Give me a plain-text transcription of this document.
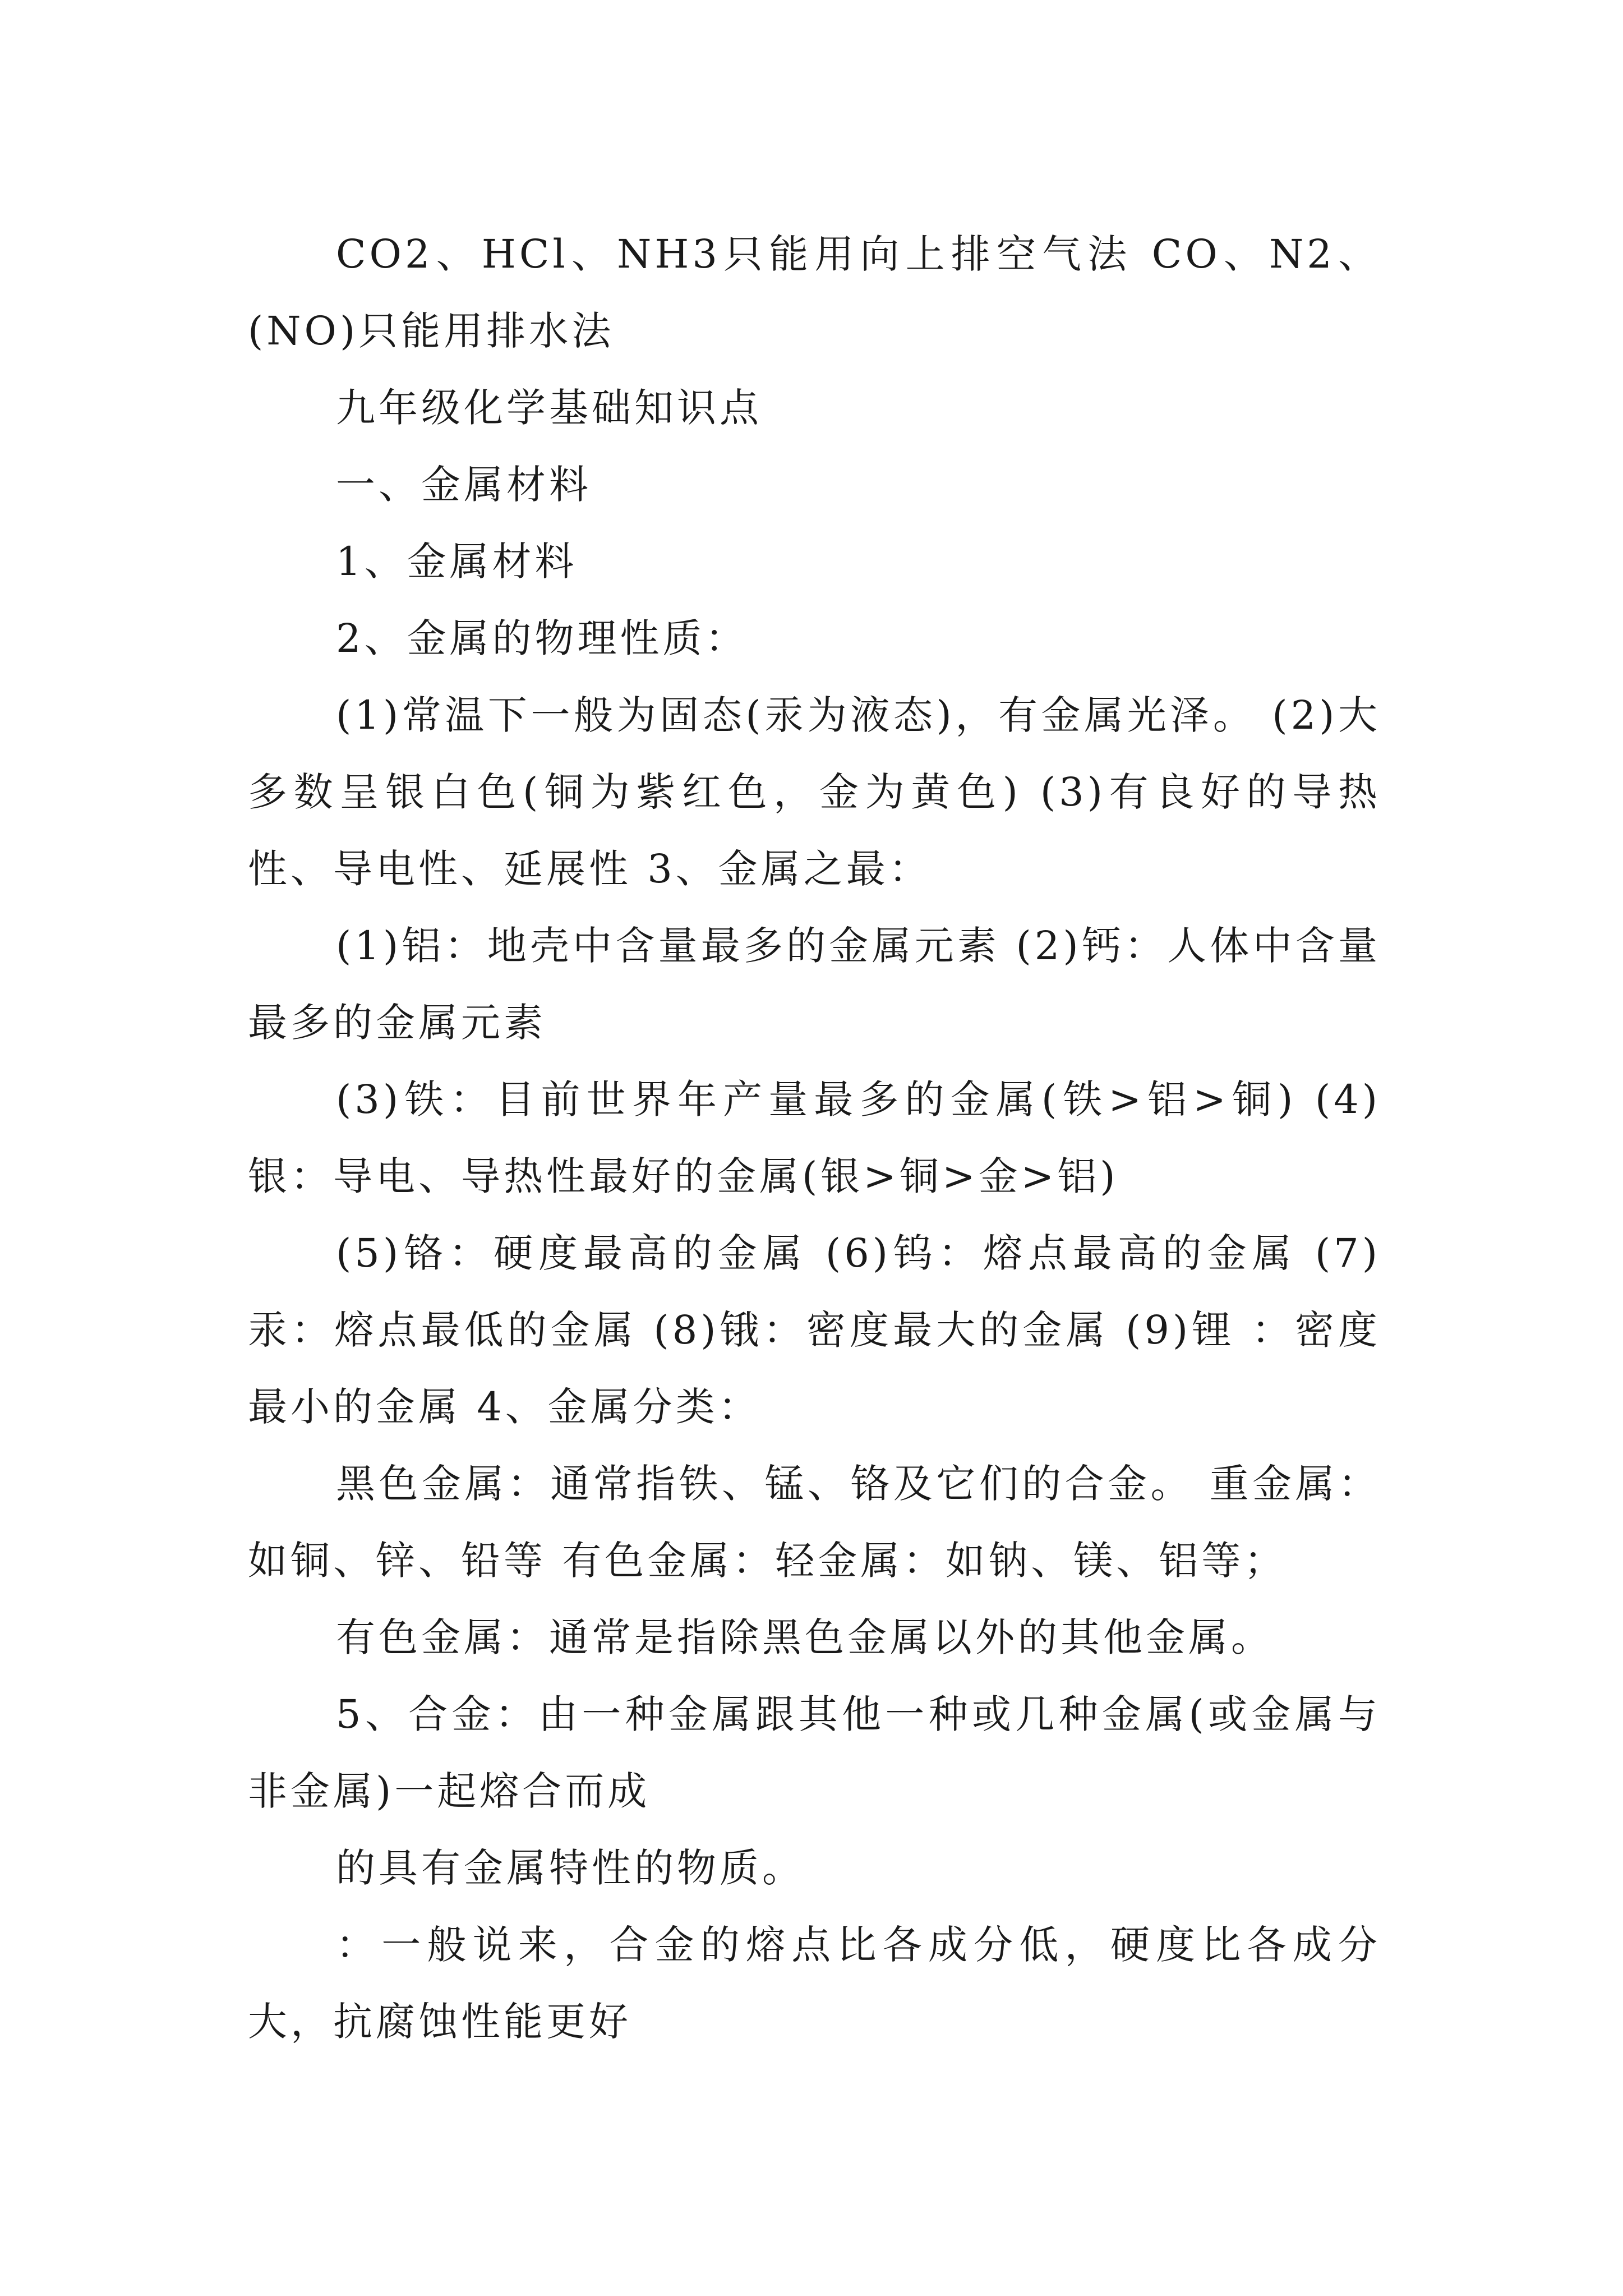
CO2、HCl、NH3只能用向上排空气法 CO、N2、(NO)只能用排水法

九年级化学基础知识点

一、金属材料

1、金属材料

2、金属的物理性质：

(1)常温下一般为固态(汞为液态)，有金属光泽。 (2)大多数呈银白色(铜为紫红色，金为黄色) (3)有良好的导热性、导电性、延展性 3、金属之最：

(1)铝：地壳中含量最多的金属元素 (2)钙：人体中含量最多的金属元素

(3)铁：目前世界年产量最多的金属(铁>铝>铜) (4)银：导电、导热性最好的金属(银>铜>金>铝)

(5)铬：硬度最高的金属 (6)钨：熔点最高的金属 (7)汞：熔点最低的金属 (8)锇：密度最大的金属 (9)锂 ：密度最小的金属 4、金属分类：

黑色金属：通常指铁、锰、铬及它们的合金。 重金属：如铜、锌、铅等 有色金属：轻金属：如钠、镁、铝等；

有色金属：通常是指除黑色金属以外的其他金属。

5、合金：由一种金属跟其他一种或几种金属(或金属与非金属)一起熔合而成

的具有金属特性的物质。

：一般说来，合金的熔点比各成分低，硬度比各成分大，抗腐蚀性能更好
